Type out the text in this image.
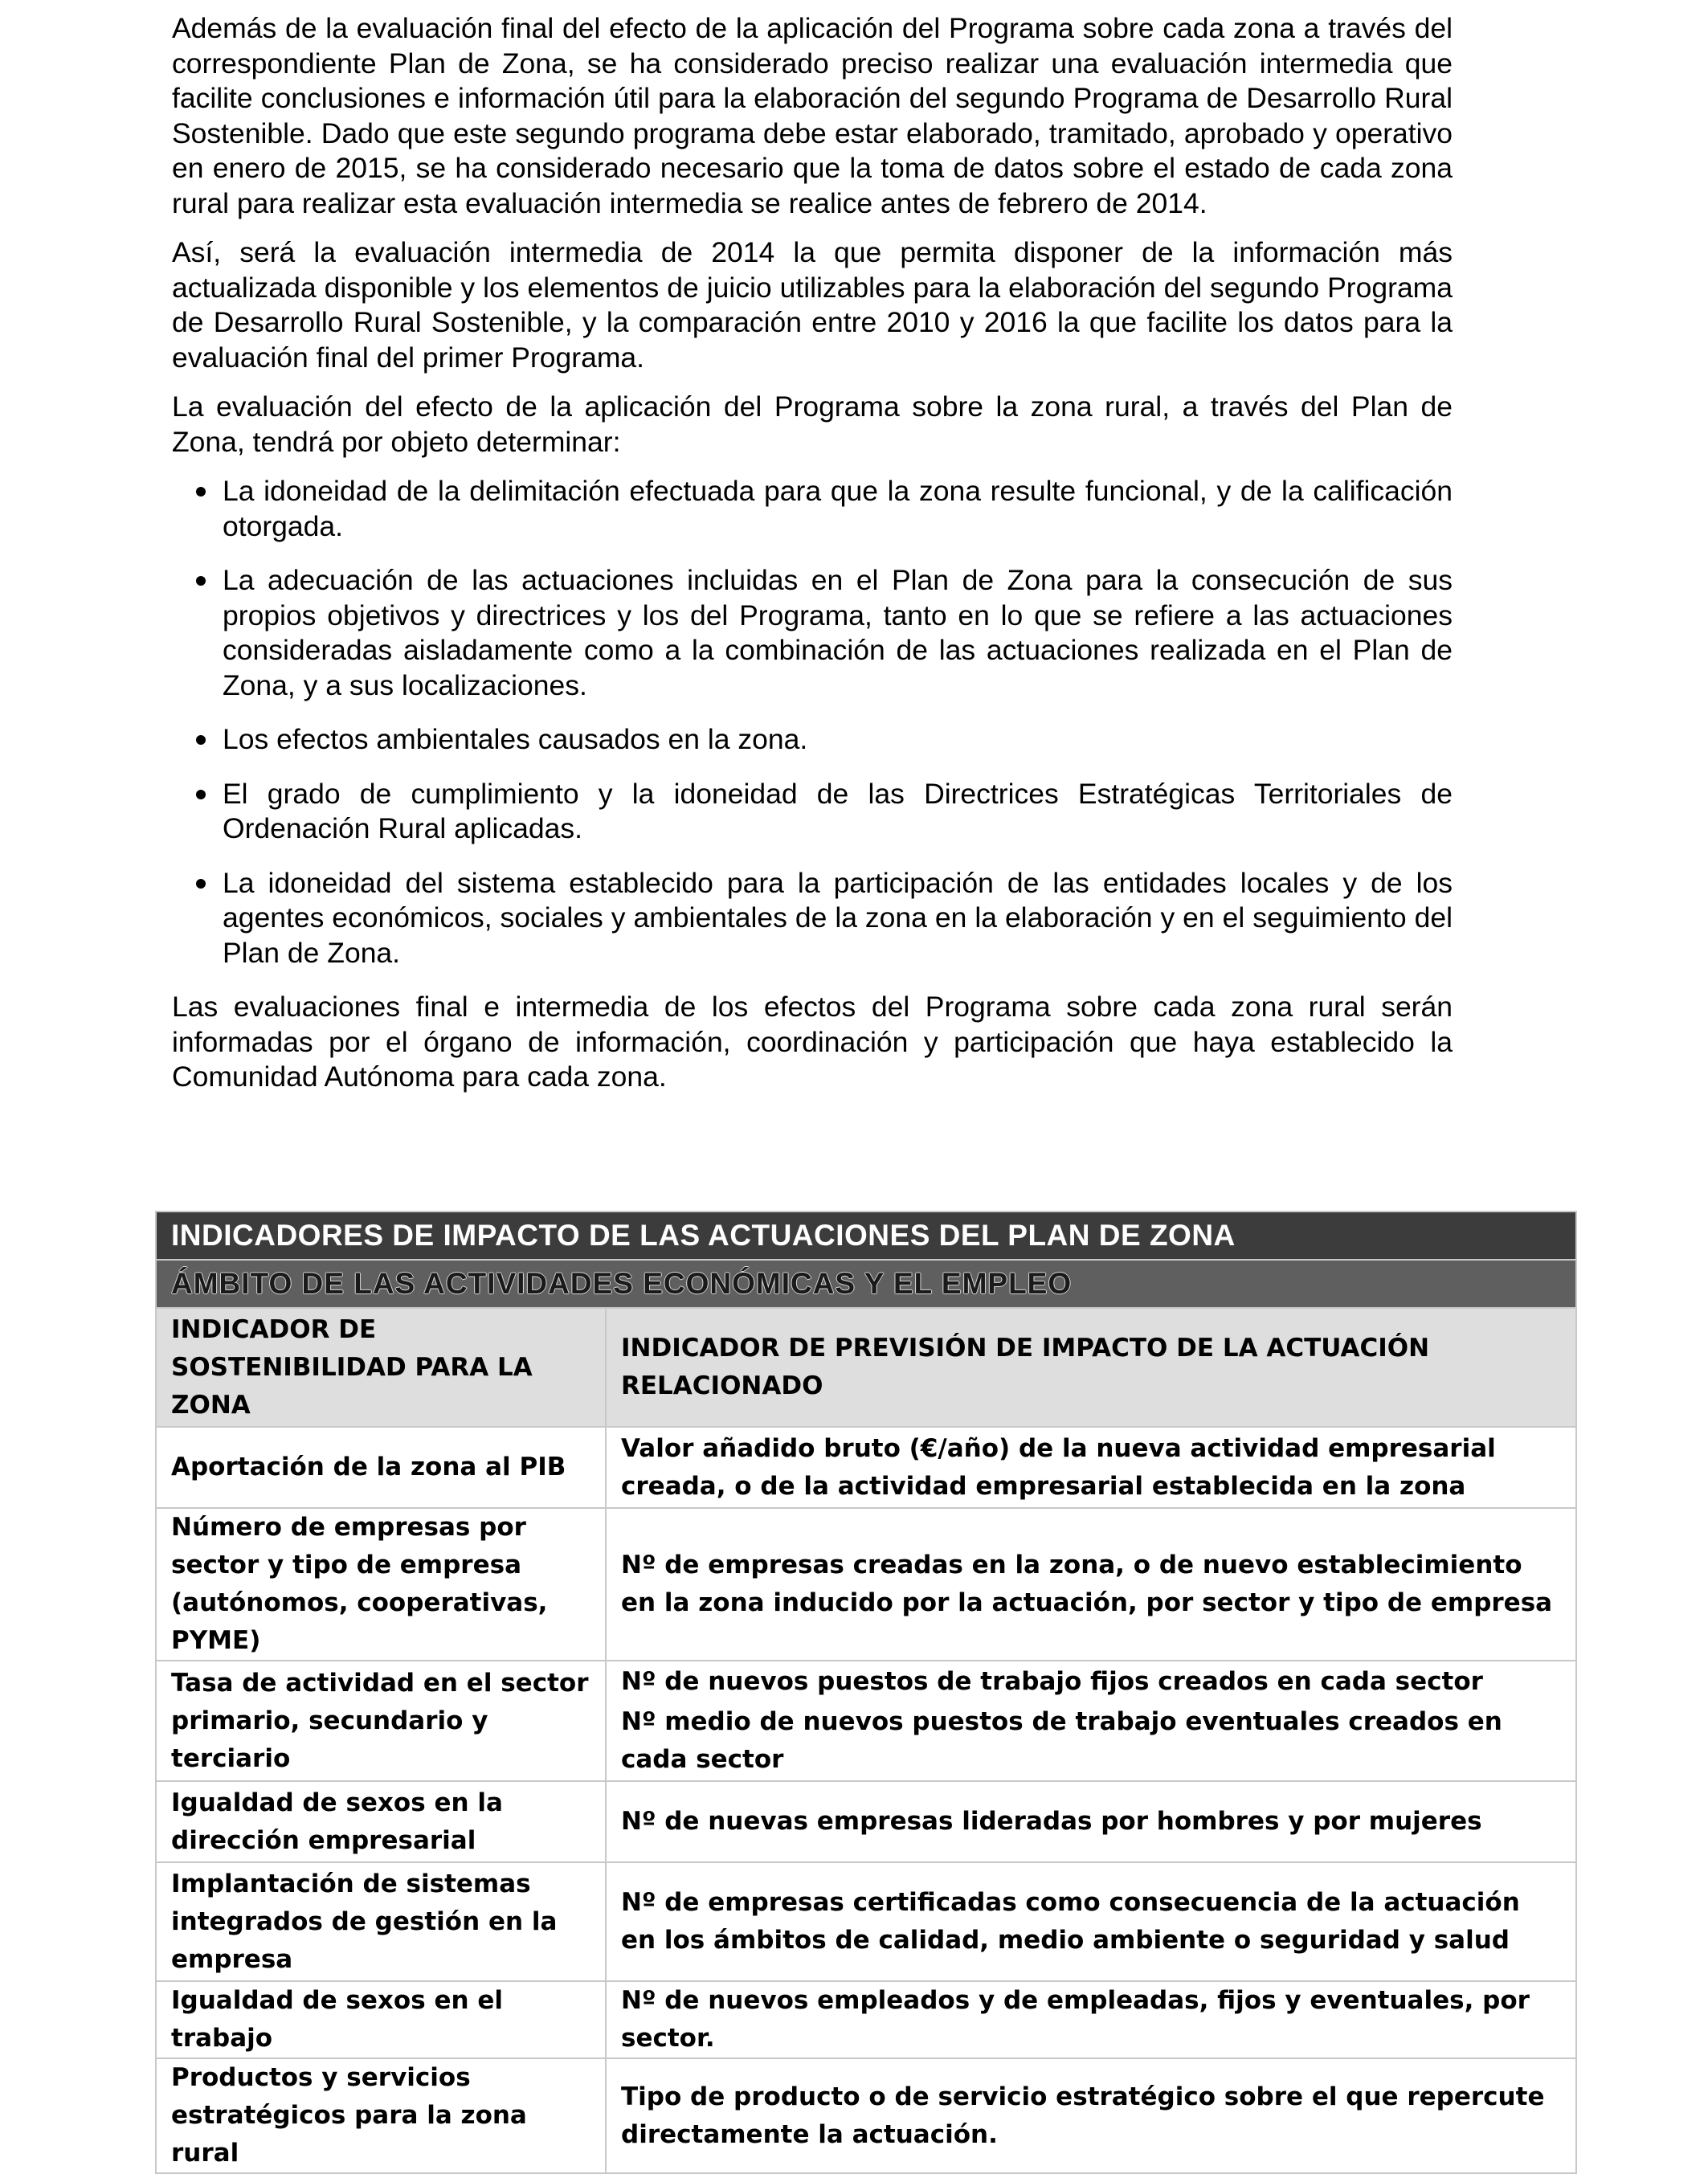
Además de la evaluación final del efecto de la aplicación del Programa sobre cada zona a través del correspondiente Plan de Zona, se ha considerado preciso realizar una evaluación intermedia que facilite conclusiones e información útil para la elaboración del segundo Programa de Desarrollo Rural Sostenible. Dado que este segundo programa debe estar elaborado, tramitado, aprobado y operativo en enero de 2015, se ha considerado necesario que la toma de datos sobre el estado de cada zona rural para realizar esta evaluación intermedia se realice antes de febrero de 2014.

Así, será la evaluación intermedia de 2014 la que permita disponer de la información más actualizada disponible y los elementos de juicio utilizables para la elaboración del segundo Programa de Desarrollo Rural Sostenible, y la comparación entre 2010 y 2016 la que facilite los datos para la evaluación final del primer Programa.

La evaluación del efecto de la aplicación del Programa sobre la zona rural, a través del Plan de Zona, tendrá por objeto determinar:

La idoneidad de la delimitación efectuada para que la zona resulte funcional, y de la calificación otorgada.
La adecuación de las actuaciones incluidas en el Plan de Zona para la consecución de sus propios objetivos y directrices y los del Programa, tanto en lo que se refiere a las actuaciones consideradas aisladamente como a la combinación de las actuaciones realizada en el Plan de Zona, y a sus localizaciones.
Los efectos ambientales causados en la zona.
El grado de cumplimiento y la idoneidad de las Directrices Estratégicas Territoriales de Ordenación Rural aplicadas.
La idoneidad del sistema establecido para la participación de las entidades locales y de los agentes económicos, sociales y ambientales de la zona en la elaboración y en el seguimiento del Plan de Zona.

Las evaluaciones final e intermedia de los efectos del Programa sobre cada zona rural serán informadas por el órgano de información, coordinación y participación que haya establecido la Comunidad Autónoma para cada zona.

INDICADORES DE IMPACTO DE LAS ACTUACIONES DEL PLAN DE ZONA	
ÁMBITO DE LAS ACTIVIDADES ECONÓMICAS Y EL EMPLEO	
INDICADOR DE SOSTENIBILIDAD PARA LA ZONA	INDICADOR DE PREVISIÓN DE IMPACTO DE LA ACTUACIÓN RELACIONADO
Aportación de la zona al PIB	Valor añadido bruto (€/año) de la nueva actividad empresarial creada, o de la actividad empresarial establecida en la zona
Número de empresas por sector y tipo de empresa (autónomos, cooperativas, PYME)	Nº de empresas creadas en la zona, o de nuevo establecimiento en la zona inducido por la actuación, por sector y tipo de empresa
Tasa de actividad en el sector primario, secundario y terciario	Nº de nuevos puestos de trabajo fijos creados en cada sector
Nº medio de nuevos puestos de trabajo eventuales creados en cada sector

Igualdad de sexos en la dirección empresarial	Nº de nuevas empresas lideradas por hombres y por mujeres
Implantación de sistemas integrados de gestión en la empresa	Nº de empresas certificadas como consecuencia de la actuación en los ámbitos de calidad, medio ambiente o seguridad y salud
Igualdad de sexos en el trabajo	Nº de nuevos empleados y de empleadas, fijos y eventuales, por sector.
Productos y servicios estratégicos para la zona rural	Tipo de producto o de servicio estratégico sobre el que repercute directamente la actuación.
